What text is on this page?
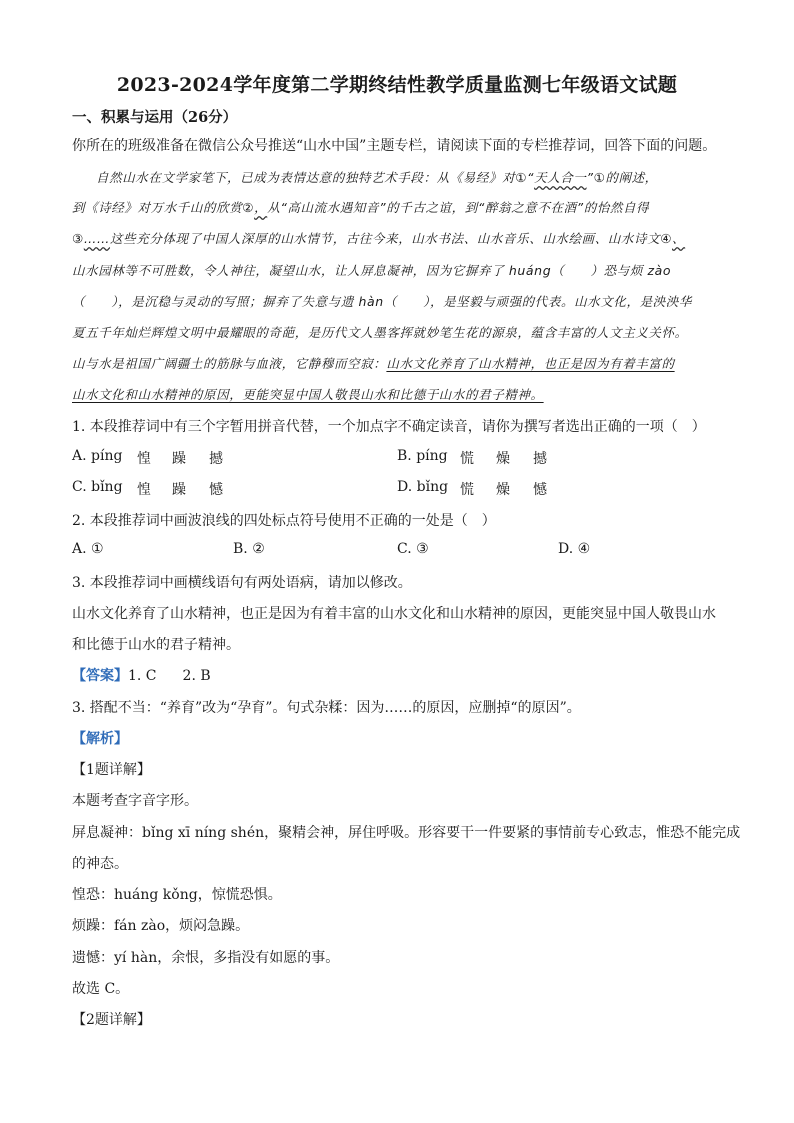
2023-2024学年度第二学期终结性教学质量监测七年级语文试题
一、积累与运用（26分）
你所在的班级准备在微信公众号推送“山水中国”主题专栏，请阅读下面的专栏推荐词，回答下面的问题。
自然山水在文学家笔下，已成为表情达意的独特艺术手段：从《易经》对①“天人合一”①的阐述，
到《诗经》对万水千山的欣赏②，从“高山流水遇知音”的千古之谊，到“醉翁之意不在酒”的怡然自得
③……这些充分体现了中国人深厚的山水情节，古往今来，山水书法、山水音乐、山水绘画、山水诗文④、
山水园林等不可胜数，令人神往，凝望山水，让人屏息凝神，因为它摒弃了 huáng（　　）恐与烦 zào
（　　），是沉稳与灵动的写照；摒弃了失意与遗 hàn（　　），是坚毅与顽强的代表。山水文化，是泱泱华
夏五千年灿烂辉煌文明中最耀眼的奇葩，是历代文人墨客挥就妙笔生花的源泉，蕴含丰富的人文主义关怀。
山与水是祖国广阔疆土的筋脉与血液，它静穆而空寂：山水文化养育了山水精神，也正是因为有着丰富的
山水文化和山水精神的原因，更能突显中国人敬畏山水和比德于山水的君子精神。
1. 本段推荐词中有三个字暂用拼音代替，一个加点字不确定读音，请你为撰写者选出正确的一项（　）
A. píng 惶 躁 撼	B. píng 慌 燥 撼
C. bǐng 惶 躁 憾	D. bǐng 慌 燥 憾
2. 本段推荐词中画波浪线的四处标点符号使用不正确的一处是（　）
A. ①	B. ②	C. ③	D. ④
3. 本段推荐词中画横线语句有两处语病，请加以修改。
山水文化养育了山水精神，也正是因为有着丰富的山水文化和山水精神的原因，更能突显中国人敬畏山水
和比德于山水的君子精神。
【答案】1. C 2. B
3. 搭配不当：“养育”改为“孕育”。句式杂糅：因为……的原因，应删掉“的原因”。
【解析】
【1题详解】
本题考查字音字形。
屏息凝神：bǐng xī níng shén，聚精会神，屏住呼吸。形容要干一件要紧的事情前专心致志，惟恐不能完成
的神态。
惶恐：huáng kǒng，惊慌恐惧。
烦躁：fán zào，烦闷急躁。
遗憾：yí hàn，余恨，多指没有如愿的事。
故选 C。
【2题详解】
